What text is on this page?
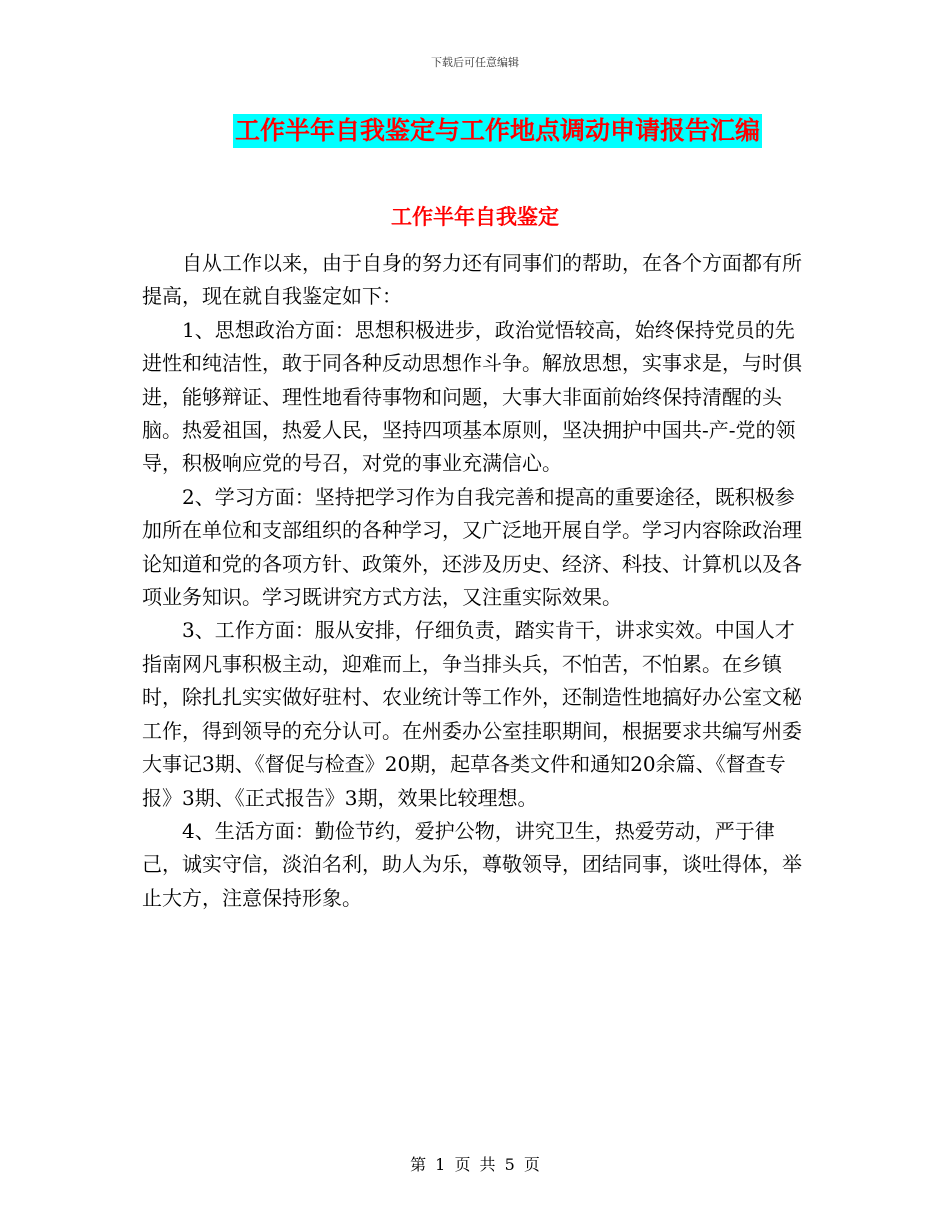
下载后可任意编辑
工作半年自我鉴定与工作地点调动申请报告汇编
工作半年自我鉴定

自从工作以来，由于自身的努力还有同事们的帮助，在各个方面都有所提高，现在就自我鉴定如下：

1、思想政治方面：思想积极进步，政治觉悟较高，始终保持党员的先进性和纯洁性，敢于同各种反动思想作斗争。解放思想，实事求是，与时俱进，能够辩证、理性地看待事物和问题，大事大非面前始终保持清醒的头脑。热爱祖国，热爱人民，坚持四项基本原则，坚决拥护中国共-产-党的领导，积极响应党的号召，对党的事业充满信心。

2、学习方面：坚持把学习作为自我完善和提高的重要途径，既积极参加所在单位和支部组织的各种学习，又广泛地开展自学。学习内容除政治理论知道和党的各项方针、政策外，还涉及历史、经济、科技、计算机以及各项业务知识。学习既讲究方式方法，又注重实际效果。

3、工作方面：服从安排，仔细负责，踏实肯干，讲求实效。中国人才指南网凡事积极主动，迎难而上，争当排头兵，不怕苦，不怕累。在乡镇时，除扎扎实实做好驻村、农业统计等工作外，还制造性地搞好办公室文秘工作，得到领导的充分认可。在州委办公室挂职期间，根据要求共编写州委大事记3期、《督促与检查》20期，起草各类文件和通知20余篇、《督查专报》3期、《正式报告》3期，效果比较理想。

4、生活方面：勤俭节约，爱护公物，讲究卫生，热爱劳动，严于律己，诚实守信，淡泊名利，助人为乐，尊敬领导，团结同事，谈吐得体，举止大方，注意保持形象。

第 1 页 共 5 页
